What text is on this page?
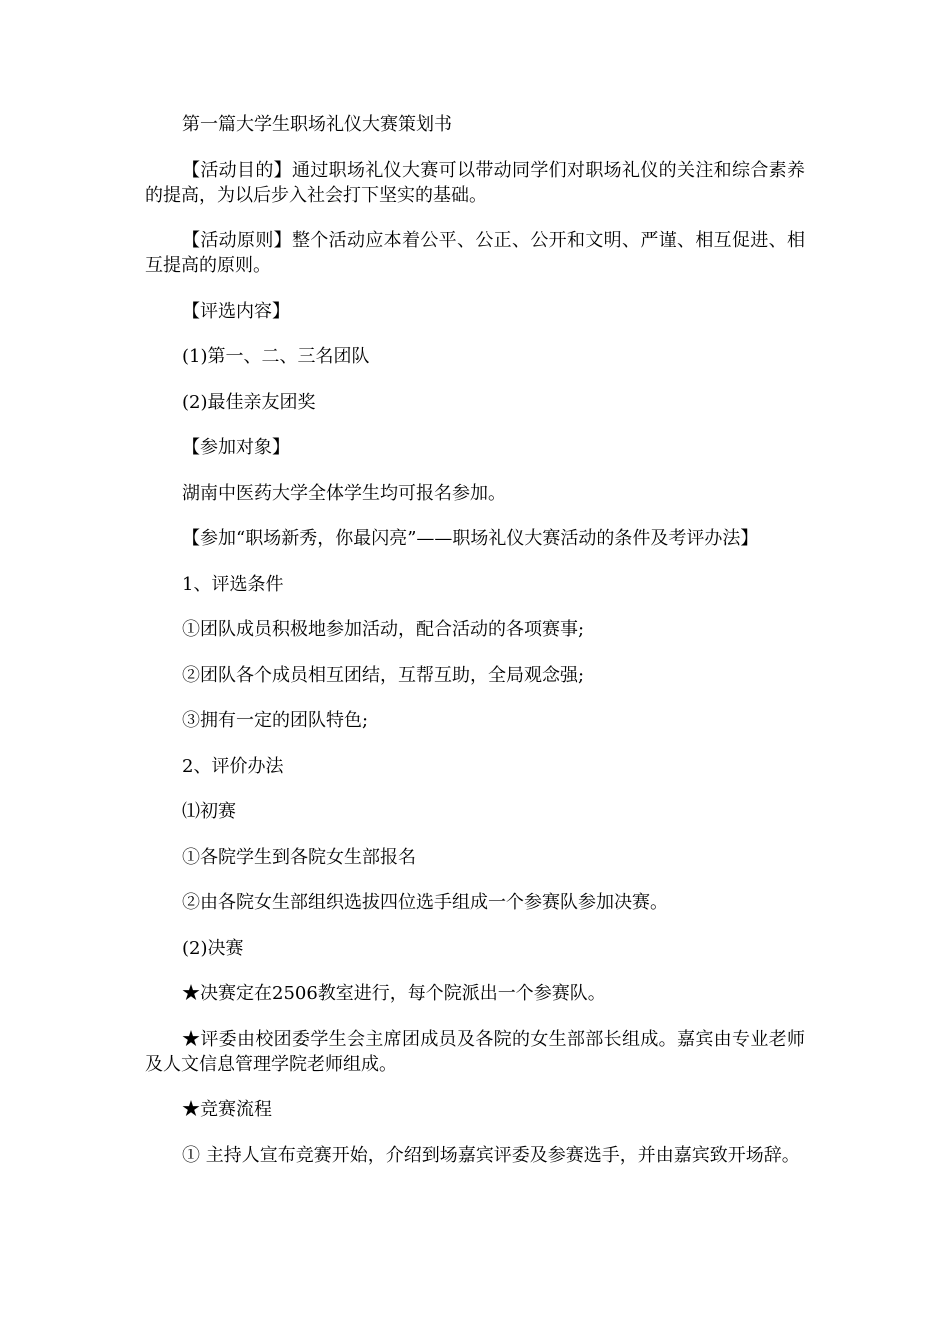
第一篇大学生职场礼仪大赛策划书

【活动目的】通过职场礼仪大赛可以带动同学们对职场礼仪的关注和综合素养的提高，为以后步入社会打下坚实的基础。

【活动原则】整个活动应本着公平、公正、公开和文明、严谨、相互促进、相互提高的原则。

【评选内容】

(1)第一、二、三名团队

(2)最佳亲友团奖

【参加对象】

湖南中医药大学全体学生均可报名参加。

【参加“职场新秀，你最闪亮”——职场礼仪大赛活动的条件及考评办法】

1、评选条件

①团队成员积极地参加活动，配合活动的各项赛事;

②团队各个成员相互团结，互帮互助，全局观念强;

③拥有一定的团队特色;

2、评价办法

⑴初赛

①各院学生到各院女生部报名

②由各院女生部组织选拔四位选手组成一个参赛队参加决赛。

(2)决赛

★决赛定在2506教室进行，每个院派出一个参赛队。

★评委由校团委学生会主席团成员及各院的女生部部长组成。嘉宾由专业老师及人文信息管理学院老师组成。

★竞赛流程

① 主持人宣布竞赛开始，介绍到场嘉宾评委及参赛选手，并由嘉宾致开场辞。
